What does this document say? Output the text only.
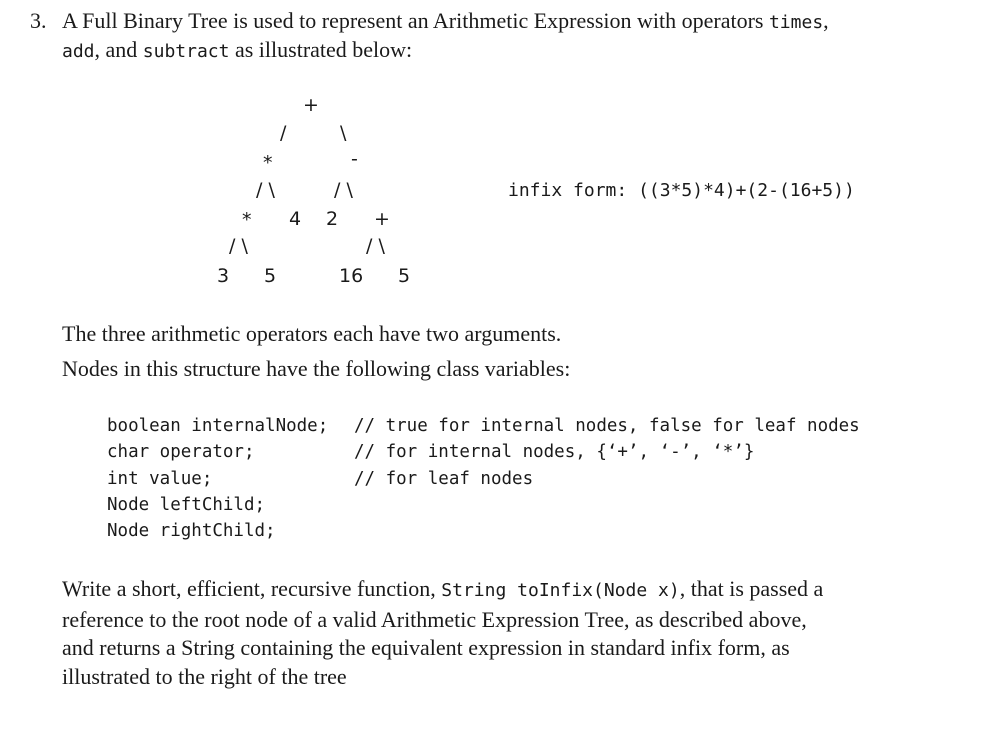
3. A Full Binary Tree is used to represent an Arithmetic Expression with operators times,
add, and subtract as illustrated below:
+
/	\
*	-
/ \	/ \
* 4 2 +
/ \	/ \
3 5	16 5
infix form: ((3*5)*4)+(2-(16+5))
The three arithmetic operators each have two arguments.
Nodes in this structure have the following class variables:
boolean internalNode; // true for internal nodes, false for leaf nodes
char operator;	// for internal nodes, {‘+’, ‘-’, ‘*’}
int value;	// for leaf nodes
Node leftChild;
Node rightChild;
Write a short, efficient, recursive function, String toInfix(Node x), that is passed a
reference to the root node of a valid Arithmetic Expression Tree, as described above,
and returns a String containing the equivalent expression in standard infix form, as
illustrated to the right of the tree
